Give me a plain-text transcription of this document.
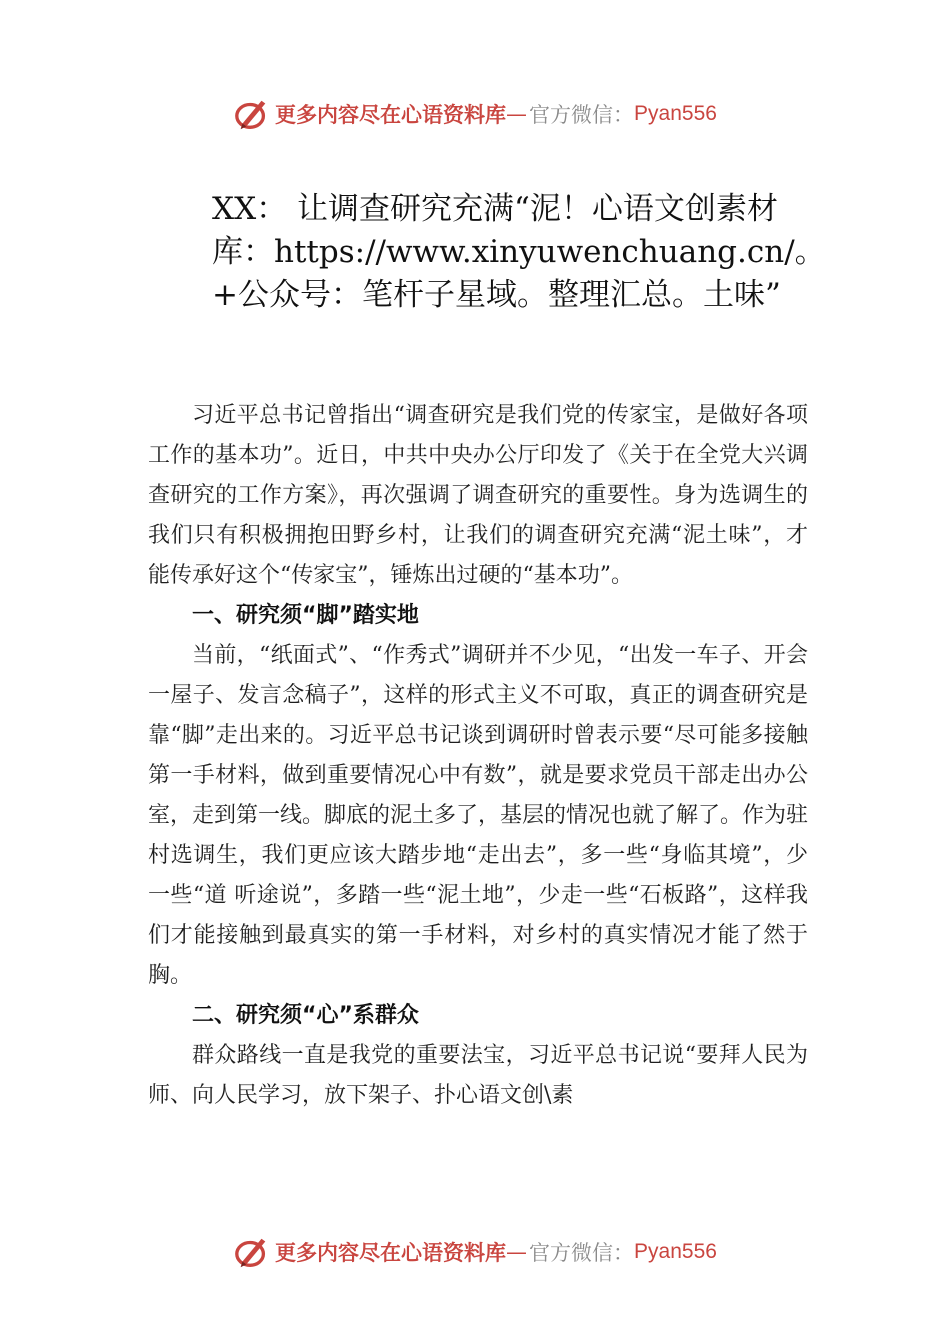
更多内容尽在心语资料库 — 官方微信： Pyan556
XX： 让调查研究充满“泥！心语文创素材库：https://www.xinyuwenchuang.cn/。+公众号：笔杆子星域。整理汇总。土味”

习近平总书记曾指出“调查研究是我们党的传家宝，是做好各项工作的基本功”。近日，中共中央办公厅印发了《关于在全党大兴调查研究的工作方案》，再次强调了调查研究的重要性。身为选调生的我们只有积极拥抱田野乡村，让我们的调查研究充满“泥土味”，才能传承好这个“传家宝”，锤炼出过硬的“基本功”。

一、研究须“脚”踏实地

当前，“纸面式”、“作秀式”调研并不少见，“出发一车子、开会一屋子、发言念稿子”，这样的形式主义不可取，真正的调查研究是靠“脚”走出来的。习近平总书记谈到调研时曾表示要“尽可能多接触第一手材料，做到重要情况心中有数”，就是要求党员干部走出办公室，走到第一线。脚底的泥土多了，基层的情况也就了解了。作为驻村选调生，我们更应该大踏步地“走出去”，多一些“身临其境”，少一些“道 听途说”，多踏一些“泥土地”，少走一些“石板路”，这样我们才能接触到最真实的第一手材料，对乡村的真实情况才能了然于胸。

二、研究须“心”系群众

群众路线一直是我党的重要法宝，习近平总书记说“要拜人民为师、向人民学习，放下架子、扑心语文创\素

更多内容尽在心语资料库 — 官方微信： Pyan556
